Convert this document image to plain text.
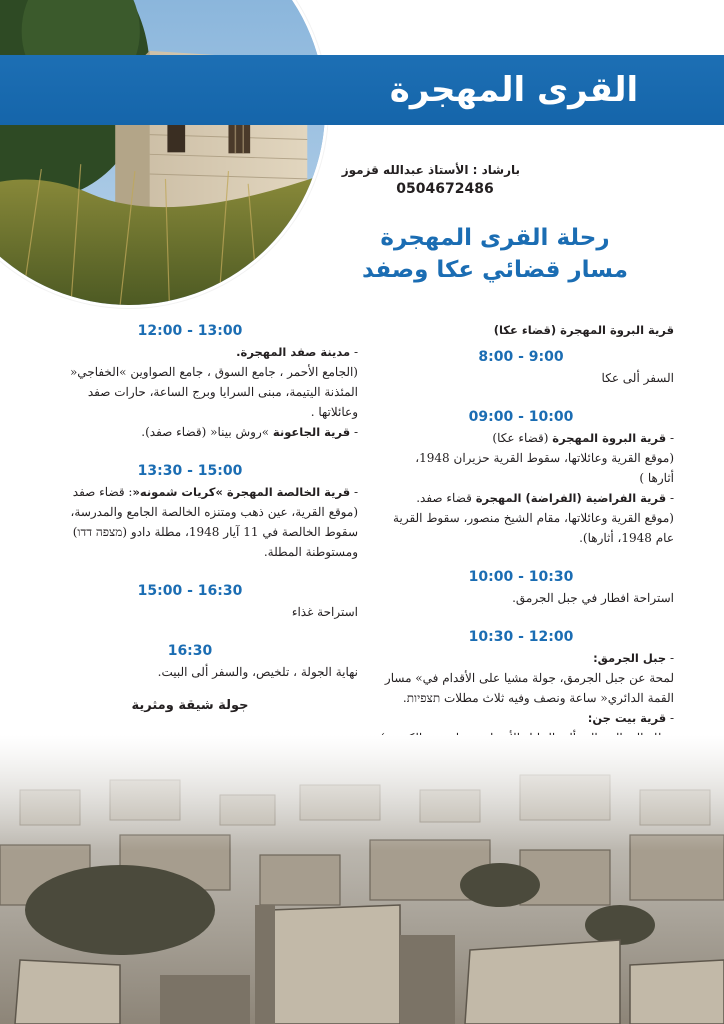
القرى المهجرة
بارشاد : الأستاذ عبدالله قزموز
0504672486
رحلة القرى المهجرة
مسار قضائي عكا وصفد
قرية البروة المهجرة (قضاء عكا)
8:00 - 9:00
السفر ألى عكا
09:00 - 10:00
- قرية البروة المهجرة (قضاء عكا)
(موقع القرية وعائلاتها، سقوط القرية حزيران 1948،
أثارها )
- قرية الفراضية (الفراضة) المهجرة قضاء صفد.
(موقع القرية وعائلاتها، مقام الشيخ منصور، سقوط القرية
عام 1948، أثارها).
10:00 - 10:30
استراحة افطار في جبل الجرمق.
10:30 - 12:00
- جبل الجرمق:
لمحة عن جبل الجرمق، جولة مشيا على الأقدام في» مسار
القمة الدائري« ساعة ونصف وفيه ثلاث مطلات תצפיות.
- قرية بيت جن:
12:00 - 13:00
- مدينة صفد المهجرة.
(الجامع الأحمر ، جامع السوق ، جامع الصواوين »الخفاجي«
المئذنة اليتيمة، مبنى السرايا وبرج الساعة، حارات صفد
وعائلاتها .
- قرية الجاعونة »روش بينا« (قضاء صفد).
13:30 - 15:00
- قرية الخالصة المهجرة »كريات شمونه«: قضاء صفد
(موقع القرية، عين ذهب ومتنزه الخالصة الجامع والمدرسة،
سقوط الخالصة في 11 آيار 1948، مطلة دادو (מצפה דדו)
ومستوطنة المطلة.
15:00 - 16:30
استراحة غذاء
16:30
نهاية الجولة ، تلخيص، والسفر ألى البيت.
جولة شيقة ومثرية
